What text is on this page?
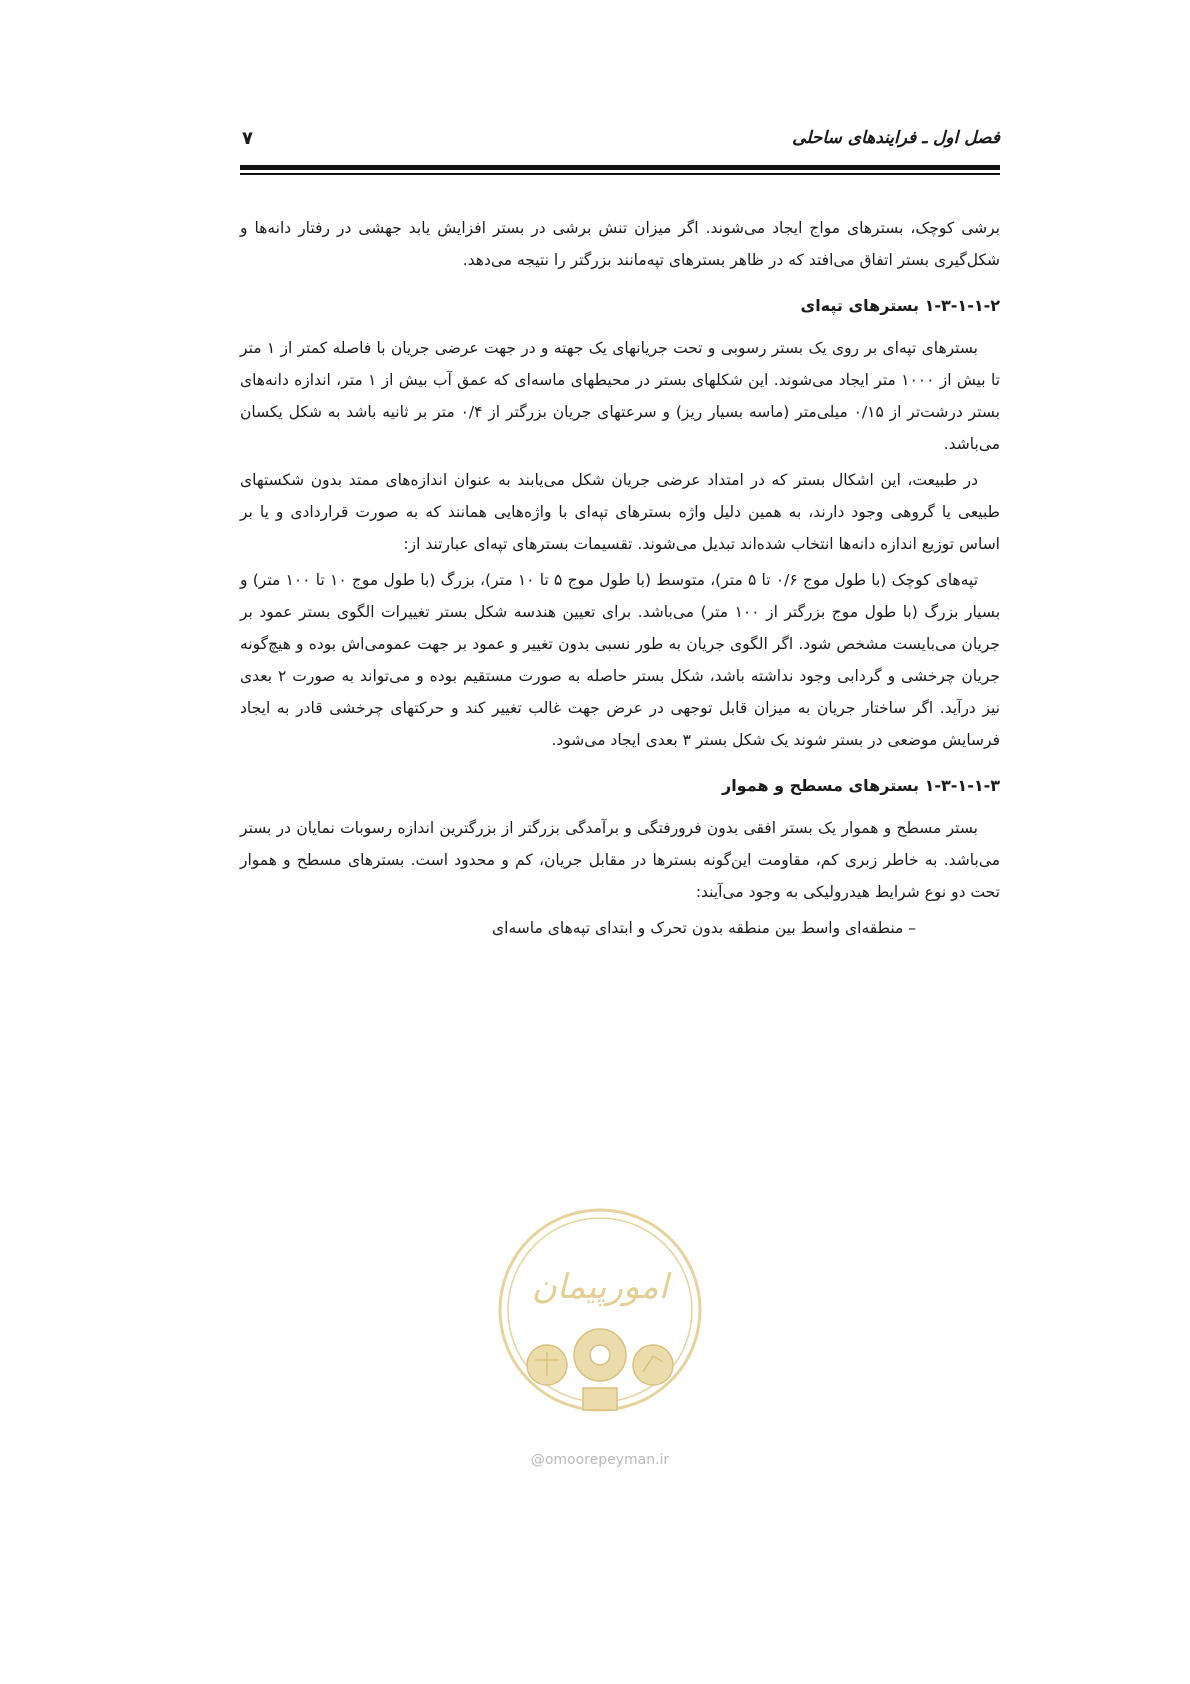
فصل اول ـ فرایندهای ساحلی
۷

برشی کوچک، بسترهای مواج ایجاد می‌شوند. اگر میزان تنش برشی در بستر افزایش یابد جهشی در رفتار دانه‌ها و شکل‌گیری بستر اتفاق می‌افتد که در ظاهر بسترهای تپه‌مانند بزرگتر را نتیجه می‌دهد.

۱-۳-۱-۱-۲ بسترهای تپه‌ای

بسترهای تپه‌ای بر روی یک بستر رسوبی و تحت جریانهای یک جهته و در جهت عرضی جریان با فاصله کمتر از ۱ متر تا بیش از ۱۰۰۰ متر ایجاد می‌شوند. این شکلهای بستر در محیطهای ماسه‌ای که عمق آب بیش از ۱ متر، اندازه دانه‌های بستر درشت‌تر از ۰/۱۵ میلی‌متر (ماسه بسیار ریز) و سرعتهای جریان بزرگتر از ۰/۴ متر بر ثانیه باشد به شکل یکسان می‌باشد.

در طبیعت، این اشکال بستر که در امتداد عرضی جریان شکل می‌یابند به عنوان اندازه‌های ممتد بدون شکستهای طبیعی یا گروهی وجود دارند، به همین دلیل واژه بسترهای تپه‌ای با واژه‌هایی همانند که به صورت قراردادی و یا بر اساس توزیع اندازه دانه‌ها انتخاب شده‌اند تبدیل می‌شوند. تقسیمات بسترهای تپه‌ای عبارتند از:

تپه‌های کوچک (با طول موج ۰/۶ تا ۵ متر)، متوسط (با طول موج ۵ تا ۱۰ متر)، بزرگ (با طول موج ۱۰ تا ۱۰۰ متر) و بسیار بزرگ (با طول موج بزرگتر از ۱۰۰ متر) می‌باشد. برای تعیین هندسه شکل بستر تغییرات الگوی بستر عمود بر جریان می‌بایست مشخص شود. اگر الگوی جریان به طور نسبی بدون تغییر و عمود بر جهت عمومی‌اش بوده و هیچ‌گونه جریان چرخشی و گردابی وجود نداشته باشد، شکل بستر حاصله به صورت مستقیم بوده و می‌تواند به صورت ۲ بعدی نیز درآید. اگر ساختار جریان به میزان قابل توجهی در عرض جهت غالب تغییر کند و حرکتهای چرخشی قادر به ایجاد فرسایش موضعی در بستر شوند یک شکل بستر ۳ بعدی ایجاد می‌شود.

۱-۳-۱-۱-۳ بسترهای مسطح و هموار

بستر مسطح و هموار یک بستر افقی بدون فرورفتگی و برآمدگی بزرگتر از بزرگترین اندازه رسوبات نمایان در بستر می‌باشد. به خاطر زبری کم، مقاومت این‌گونه بسترها در مقابل جریان، کم و محدود است. بسترهای مسطح و هموار تحت دو نوع شرایط هیدرولیکی به وجود می‌آیند:

– منطقه‌ای واسط بین منطقه بدون تحرک و ابتدای تپه‌های ماسه‌ای

امورپیمان
@omoorepeyman.ir
